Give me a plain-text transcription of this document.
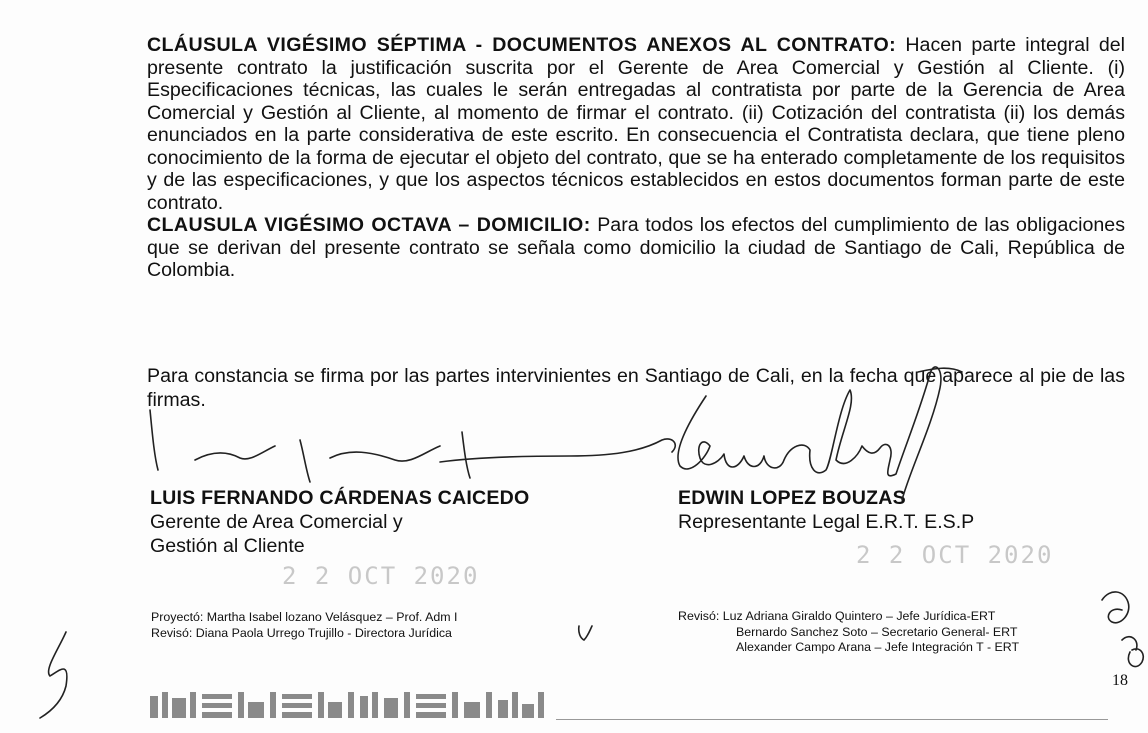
CLÁUSULA VIGÉSIMO SÉPTIMA - DOCUMENTOS ANEXOS AL CONTRATO: Hacen parte integral del presente contrato la justificación suscrita por el Gerente de Area Comercial y Gestión al Cliente. (i) Especificaciones técnicas, las cuales le serán entregadas al contratista por parte de la Gerencia de Area Comercial y Gestión al Cliente, al momento de firmar el contrato. (ii) Cotización del contratista (ii) los demás enunciados en la parte considerativa de este escrito. En consecuencia el Contratista declara, que tiene pleno conocimiento de la forma de ejecutar el objeto del contrato, que se ha enterado completamente de los requisitos y de las especificaciones, y que los aspectos técnicos establecidos en estos documentos forman parte de este contrato.
CLAUSULA VIGÉSIMO OCTAVA – DOMICILIO: Para todos los efectos del cumplimiento de las obligaciones que se derivan del presente contrato se señala como domicilio la ciudad de Santiago de Cali, República de Colombia.
Para constancia se firma por las partes intervinientes en Santiago de Cali, en la fecha que aparece al pie de las firmas.
LUIS FERNANDO CÁRDENAS CAICEDO
Gerente de Area Comercial y
Gestión al Cliente
EDWIN LOPEZ BOUZAS
Representante Legal E.R.T. E.S.P
2 2 OCT 2020
2 2 OCT 2020
Proyectó: Martha Isabel lozano Velásquez – Prof. Adm I
Revisó: Diana Paola Urrego Trujillo - Directora Jurídica
Revisó: Luz Adriana Giraldo Quintero – Jefe Jurídica-ERT
Bernardo Sanchez Soto – Secretario General- ERT
Alexander Campo Arana – Jefe Integración T - ERT
18
